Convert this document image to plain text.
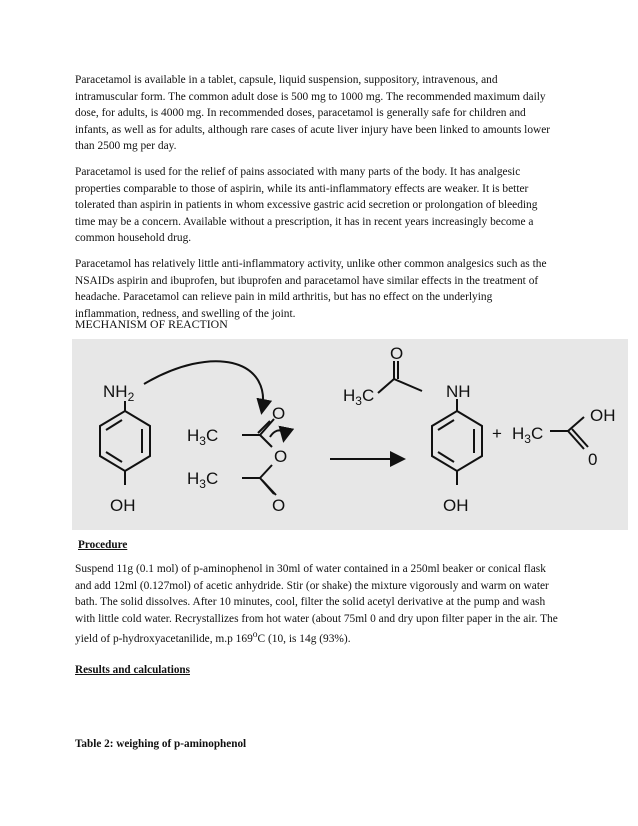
Paracetamol is available in a tablet, capsule, liquid suspension, suppository, intravenous, and intramuscular form. The common adult dose is 500 mg to 1000 mg. The recommended maximum daily dose, for adults, is 4000 mg. In recommended doses, paracetamol is generally safe for children and infants, as well as for adults, although rare cases of acute liver injury have been linked to amounts lower than 2500 mg per day.

Paracetamol is used for the relief of pains associated with many parts of the body. It has analgesic properties comparable to those of aspirin, while its anti-inflammatory effects are weaker. It is better tolerated than aspirin in patients in whom excessive gastric acid secretion or prolongation of bleeding time may be a concern. Available without a prescription, it has in recent years increasingly become a common household drug.

Paracetamol has relatively little anti-inflammatory activity, unlike other common analgesics such as the NSAIDs aspirin and ibuprofen, but ibuprofen and paracetamol have similar effects in the treatment of headache. Paracetamol can relieve pain in mild arthritis, but has no effect on the underlying inflammation, redness, and swelling of the joint.

MECHANISM OF REACTION

$NH_2$
OH
$H_3C$
O
O
$H_3C$
O
O
$H_3C$	NH
OH
+ $H_3C$
OH
0

Procedure

Suspend 11g (0.1 mol) of p-aminophenol in 30ml of water contained in a 250ml beaker or conical flask and add 12ml (0.127mol) of acetic anhydride. Stir (or shake) the mixture vigorously and warm on water bath. The solid dissolves. After 10 minutes, cool, filter the solid acetyl derivative at the pump and wash with little cold water. Recrystallizes from hot water (about 75ml 0 and dry upon filter paper in the air. The yield of p-hydroxyacetanilide, m.p 169$^o$C (10, is 14g (93%).

Results and calculations

Table 2: weighing of p-aminophenol
